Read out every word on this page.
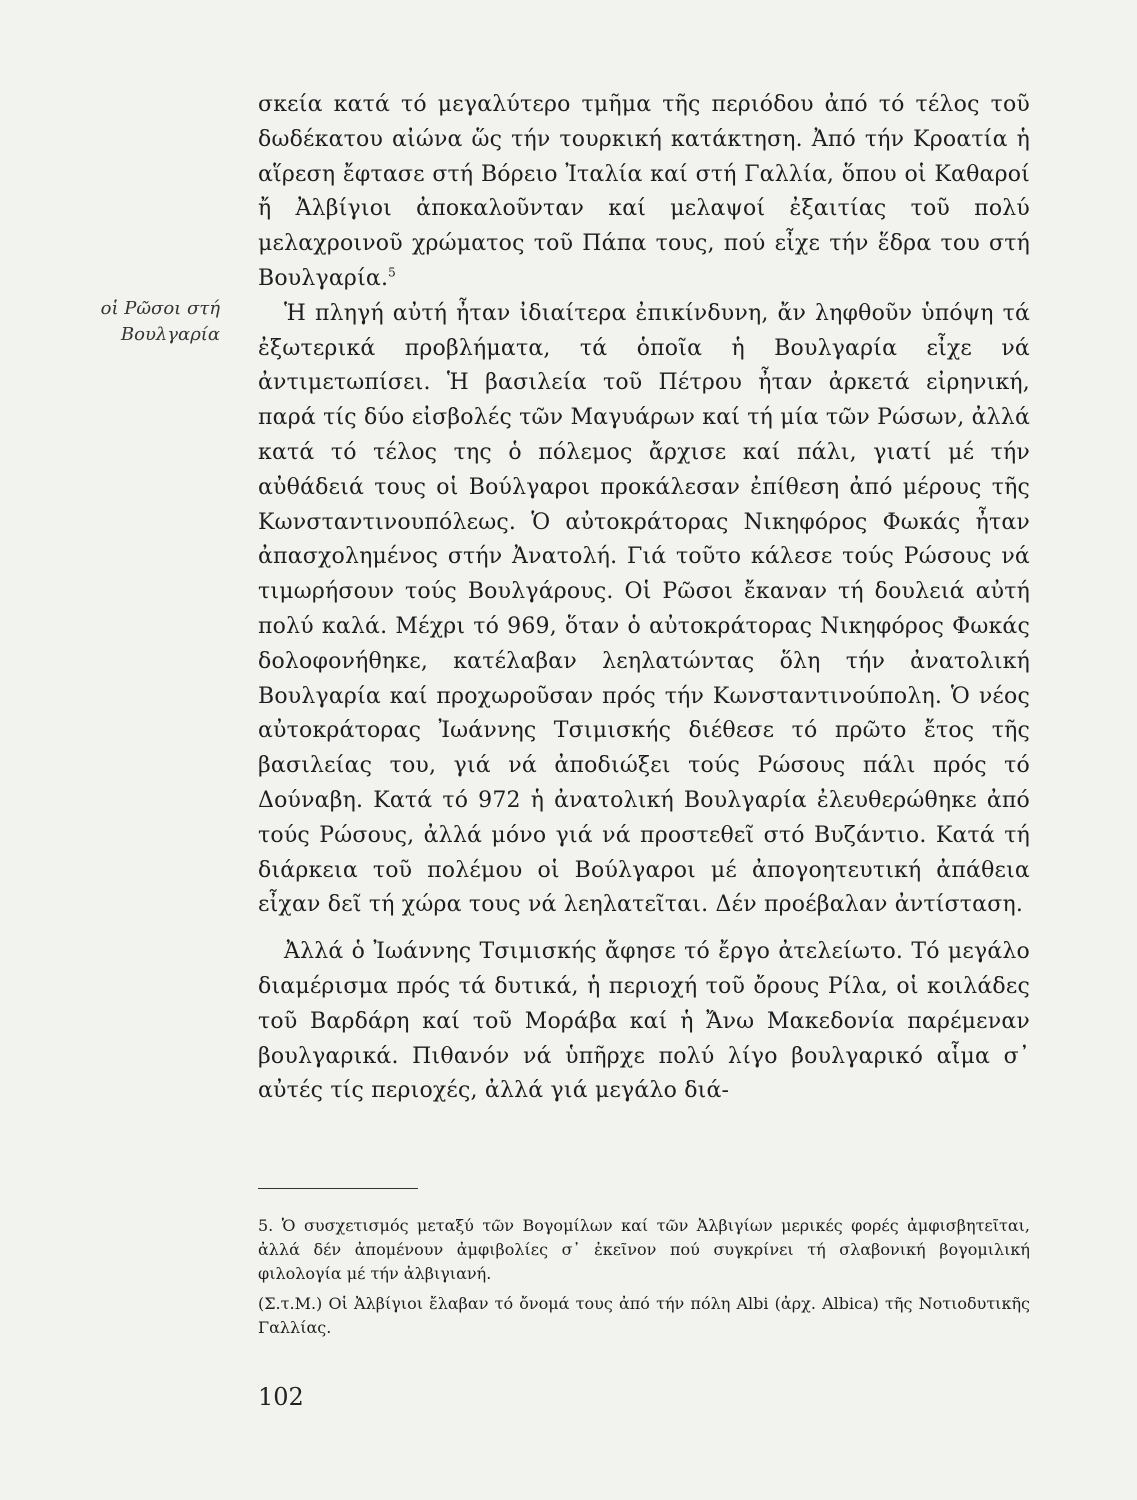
οἱ Ρῶσοι στή Βουλγαρία

σκεία κατά τό μεγαλύτερο τμῆμα τῆς περιόδου ἀπό τό τέλος τοῦ δωδέκατου αἰώνα ὥς τήν τουρκική κατάκτηση. Ἀπό τήν Κροατία ἡ αἵρεση ἔφτασε στή Βόρειο Ἰταλία καί στή Γαλλία, ὅπου οἱ Καθαροί ἤ Ἀλβίγιοι ἀποκαλοῦνταν καί μελαψοί ἐξαιτίας τοῦ πολύ μελαχροινοῦ χρώματος τοῦ Πάπα τους, πού εἶχε τήν ἕδρα του στή Βουλγαρία.$^5$

Ἡ πληγή αὐτή ἦταν ἰδιαίτερα ἐπικίνδυνη, ἄν ληφθοῦν ὑπόψη τά ἐξωτερικά προβλήματα, τά ὁποῖα ἡ Βουλγαρία εἶχε νά ἀντιμετωπίσει. Ἡ βασιλεία τοῦ Πέτρου ἦταν ἀρκετά εἰρηνική, παρά τίς δύο εἰσβολές τῶν Μαγυάρων καί τή μία τῶν Ρώσων, ἀλλά κατά τό τέλος της ὁ πόλεμος ἄρχισε καί πάλι, γιατί μέ τήν αὐθάδειά τους οἱ Βούλγαροι προκάλεσαν ἐπίθεση ἀπό μέρους τῆς Κωνσταντινουπόλεως. Ὁ αὐτοκράτορας Νικηφόρος Φωκάς ἦταν ἀπασχολημένος στήν Ἀνατολή. Γιά τοῦτο κάλεσε τούς Ρώσους νά τιμωρήσουν τούς Βουλγάρους. Οἱ Ρῶσοι ἔκαναν τή δουλειά αὐτή πολύ καλά. Μέχρι τό 969, ὅταν ὁ αὐτοκράτορας Νικηφόρος Φωκάς δολοφονήθηκε, κατέλαβαν λεηλατώντας ὅλη τήν ἀνατολική Βουλγαρία καί προχωροῦσαν πρός τήν Κωνσταντινούπολη. Ὁ νέος αὐτοκράτορας Ἰωάννης Τσιμισκής διέθεσε τό πρῶτο ἔτος τῆς βασιλείας του, γιά νά ἀποδιώξει τούς Ρώσους πάλι πρός τό Δούναβη. Κατά τό 972 ἡ ἀνατολική Βουλγαρία ἐλευθερώθηκε ἀπό τούς Ρώσους, ἀλλά μόνο γιά νά προστεθεῖ στό Βυζάντιο. Κατά τή διάρκεια τοῦ πολέμου οἱ Βούλγαροι μέ ἀπογοητευτική ἀπάθεια εἶχαν δεῖ τή χώρα τους νά λεηλατεῖται. Δέν προέβαλαν ἀντίσταση.

Ἀλλά ὁ Ἰωάννης Τσιμισκής ἄφησε τό ἔργο ἀτελείωτο. Τό μεγάλο διαμέρισμα πρός τά δυτικά, ἡ περιοχή τοῦ ὄρους Ρίλα, οἱ κοιλάδες τοῦ Βαρδάρη καί τοῦ Μοράβα καί ἡ Ἄνω Μακεδονία παρέμεναν βουλγαρικά. Πιθανόν νά ὑπῆρχε πολύ λίγο βουλγαρικό αἷμα σ᾽ αὐτές τίς περιοχές, ἀλλά γιά μεγάλο διά-

5. Ὁ συσχετισμός μεταξύ τῶν Βογομίλων καί τῶν Ἀλβιγίων μερικές φορές ἀμφισβητεῖται, ἀλλά δέν ἀπομένουν ἀμφιβολίες σ᾽ ἐκεῖνον πού συγκρίνει τή σλαβονική βογομιλική φιλολογία μέ τήν ἀλβιγιανή.

(Σ.τ.Μ.) Οἱ Ἀλβίγιοι ἔλαβαν τό ὄνομά τους ἀπό τήν πόλη Albi (ἀρχ. Albica) τῆς Νοτιοδυτικῆς Γαλλίας.

102
